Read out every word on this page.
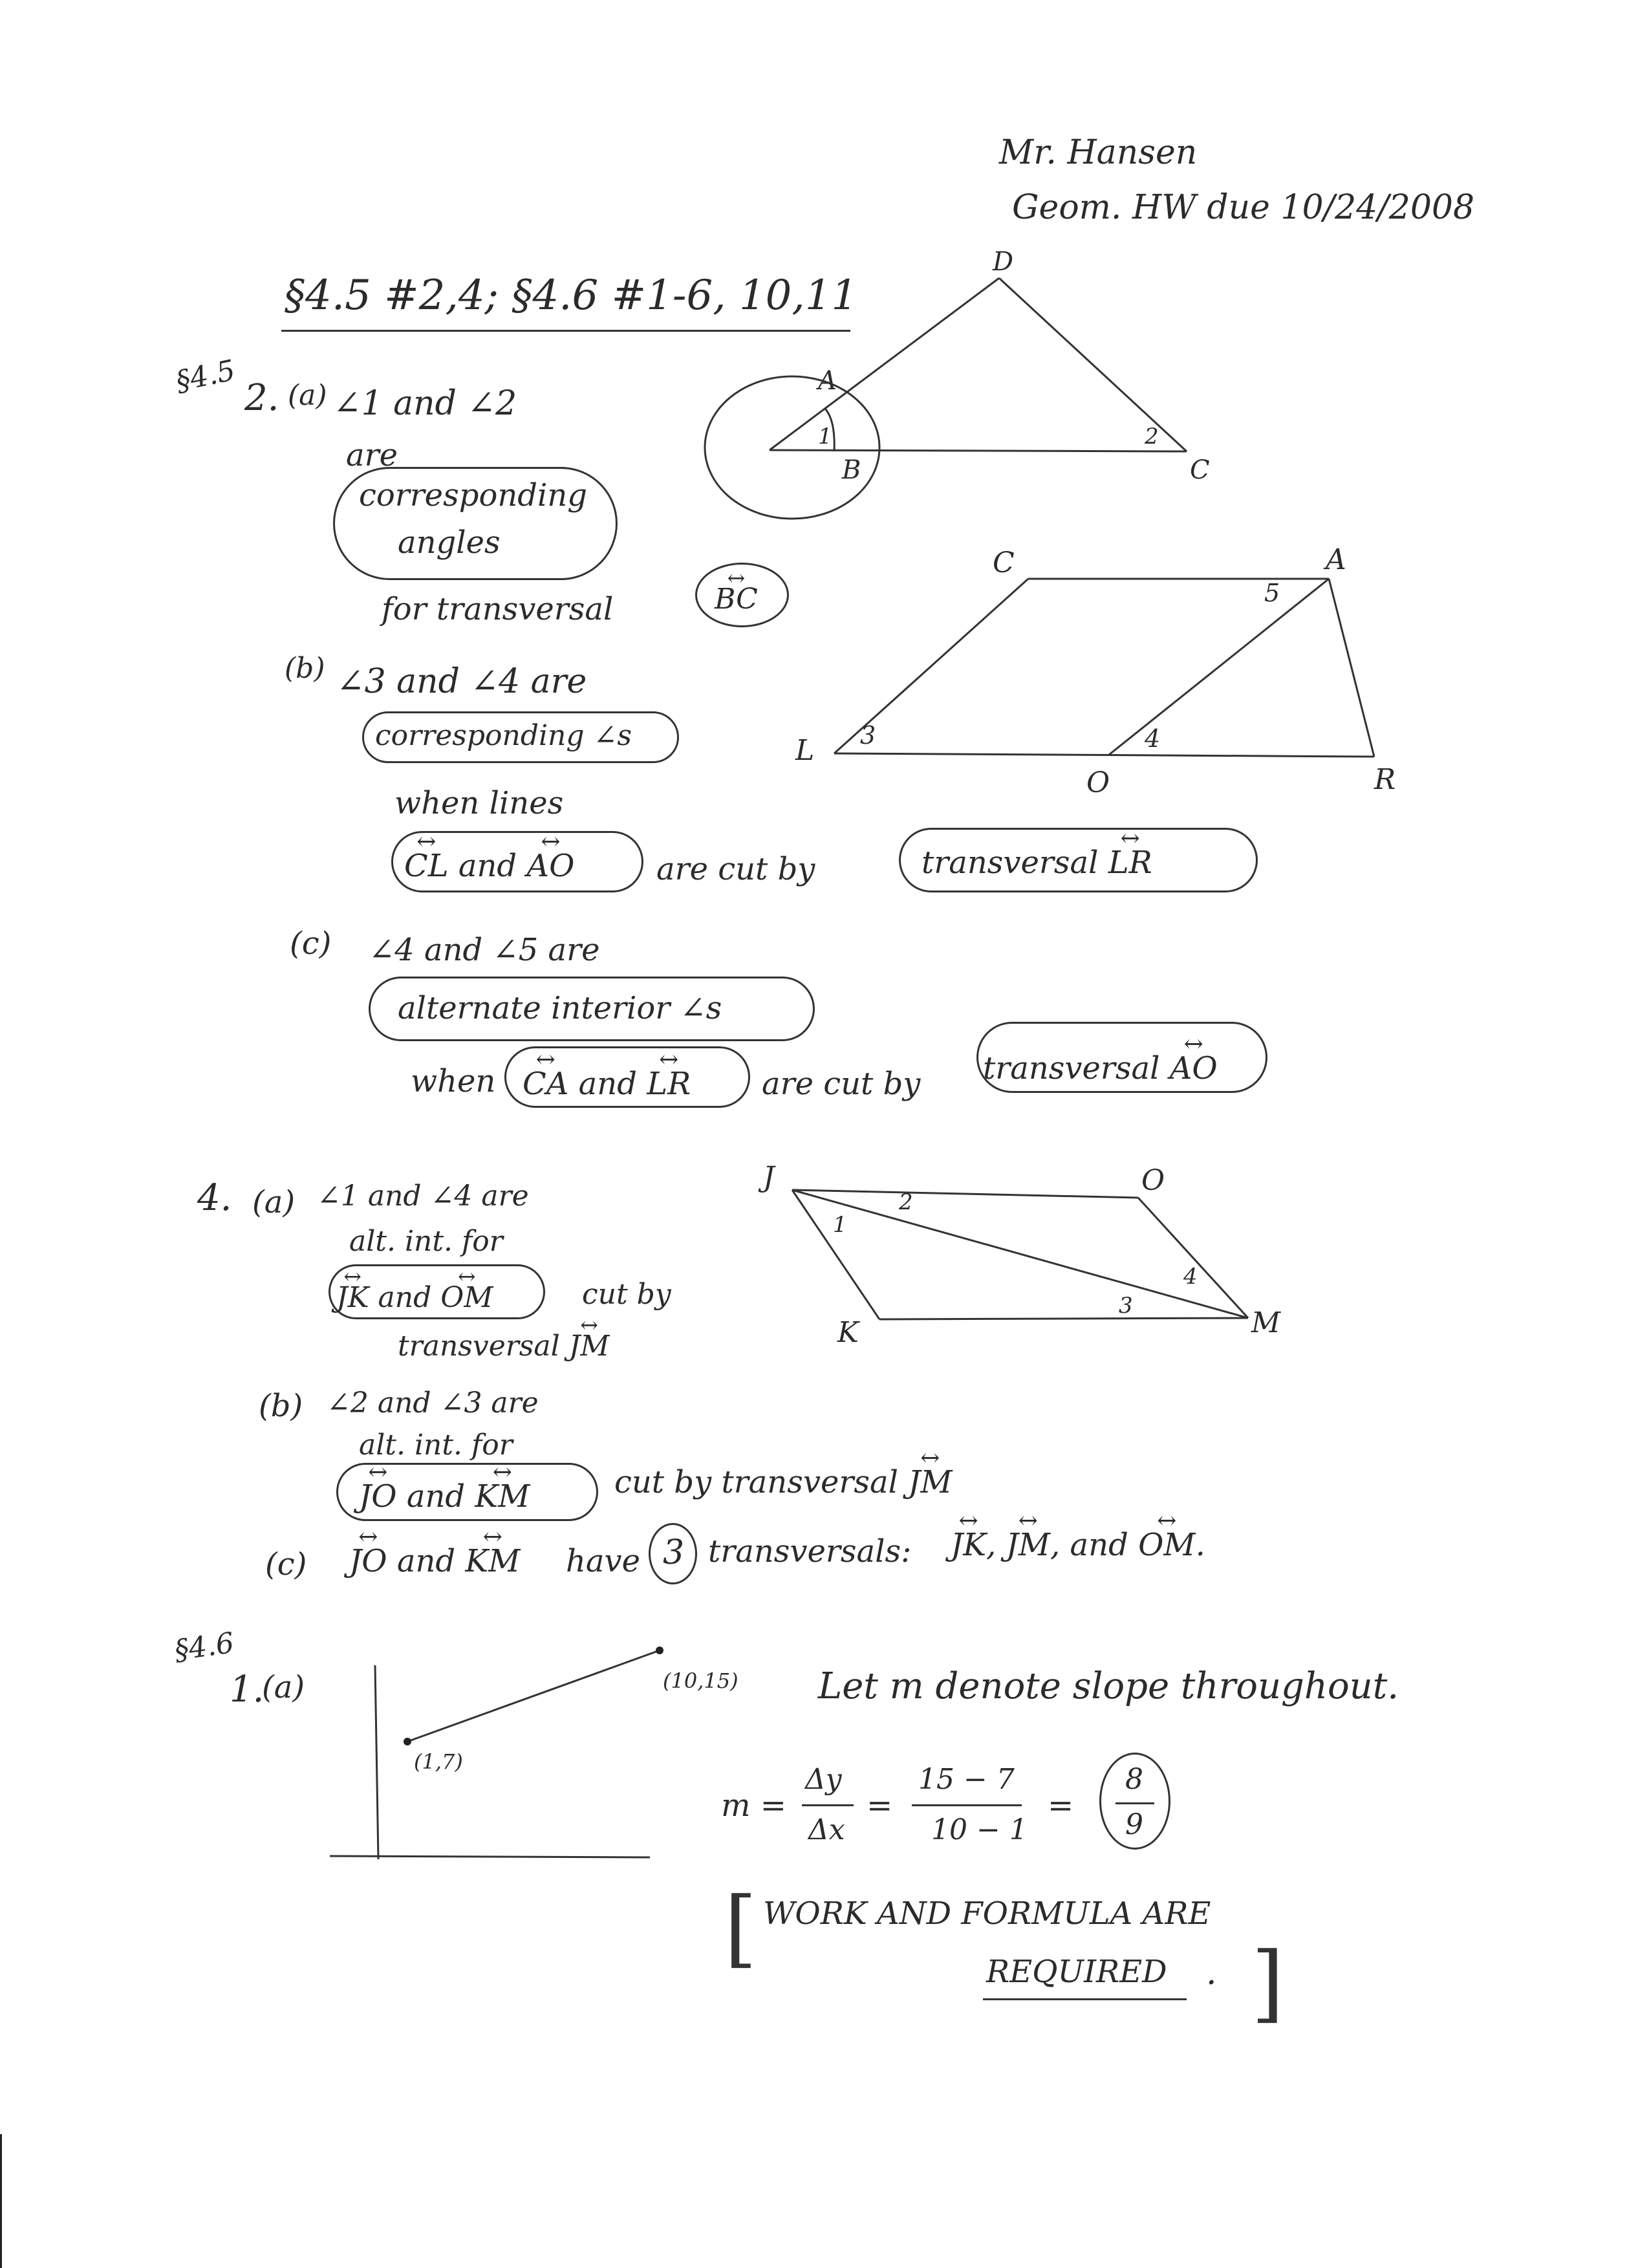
Mr. Hansen
Geom. HW due 10/24/2008
§4.5 #2,4; §4.6 #1-6, 10,11
§4.5 2. (a) ∠1 and ∠2
are
corresponding
angles
for transversal	↔ BC
(b) ∠3 and ∠4 are
corresponding ∠s
when lines
↔ CL and ↔ AO	are cut by	transversal ↔ LR
(c) ∠4 and ∠5 are
alternate interior ∠s
when ↔ CA and ↔ LR are cut by transversal ↔ AO
D
A
B	C
1	2
C	A
L
O	R
3	4
5
4. (a) ∠1 and ∠4 are
alt. int. for
↔ JK and ↔ OM	cut by
transversal ↔ JM
(b) ∠2 and ∠3 are
alt. int. for
↔ JO and ↔ KM	cut by transversal ↔ JM
(c) ↔ JO and ↔ KM have 3 transversals: ↔ JK, ↔ JM, and ↔ OM.
J	O
K	M
1
2
3
4
§4.6
1.
(a)
(1,7)
(10,15) Let m denote slope throughout.
m =
Δy
Δx
=
15 − 7
10 − 1
=
8
9
[ WORK AND FORMULA ARE
REQUIRED . ]
